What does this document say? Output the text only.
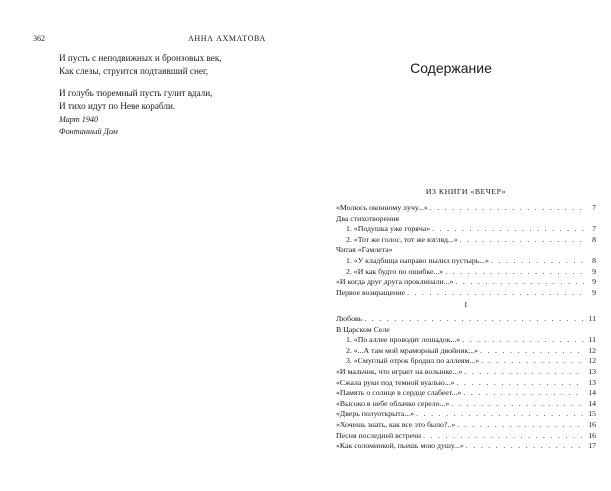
362	АННА АХМАТОВА
И пусть с неподвижных и бронзовых век,
Как слезы, струится подтаявший снег,
И голубь тюремный пусть гулит вдали,
И тихо идут по Неве корабли.
Март 1940
Фонтанный Дом
Содержание
ИЗ КНИГИ «ВЕЧЕР»
«Молюсь оконному лучу...» . . .	7
Два стихотворения
1. «Подушка уже горяча» . . .	7
2. «Тот же голос, тот же взгляд...» . . .	8
Читая «Гамлета»
1. «У кладбища направо пылил пустырь...» . . .	8
2. «И как будто по ошибке...» . . .	9
«И когда друг друга проклинали...» . . .	9
Первое возвращение . . .	9
I
Любовь . . .	11
В Царском Селе
1. «По аллее проводят лошадок...» . . .	11
2. «...А там мой мраморный двойник...» . . .	12
3. «Смуглый отрок бродил по аллеям...» . . .	12
«И мальчик, что играет на волынке...» . . .	13
«Сжала руки под темной вуалью...» . . .	13
«Память о солнце в сердце слабеет...» . . .	14
«Высоко в небе облачко серело...» . . .	14
«Дверь полуоткрыта...» . . .	15
«Хочешь знать, как все это было?..» . . .	16
Песня последней встречи . . .	16
«Как соломинкой, пьешь мою душу...» . . .	17
